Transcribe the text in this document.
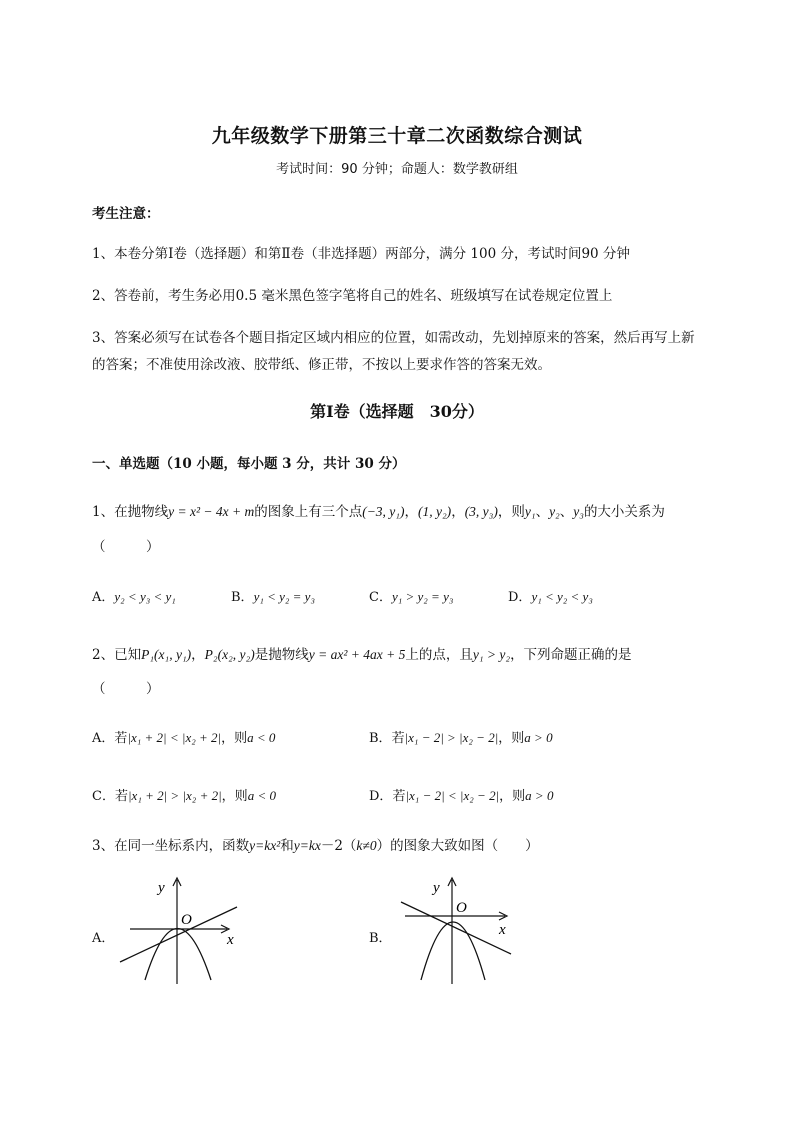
九年级数学下册第三十章二次函数综合测试
考试时间：90 分钟；命题人：数学教研组
考生注意：
1、本卷分第Ⅰ卷（选择题）和第Ⅱ卷（非选择题）两部分，满分 100 分，考试时间90 分钟
2、答卷前，考生务必用0.5 毫米黑色签字笔将自己的姓名、班级填写在试卷规定位置上
3、答案必须写在试卷各个题目指定区域内相应的位置，如需改动，先划掉原来的答案，然后再写上新
的答案；不准使用涂改液、胶带纸、修正带，不按以上要求作答的答案无效。
第Ⅰ卷（选择题　30分）
一、单选题（10 小题，每小题 3 分，共计 30 分）
1、在抛物线y = x² − 4x + m的图象上有三个点(−3, y₁)，(1, y₂)，(3, y₃)，则y₁、y₂、y₃的大小关系为
（　　　）
A．y₂ < y₃ < y₁	B．y₁ < y₂ = y₃	C．y₁ > y₂ = y₃	D．y₁ < y₂ < y₃
2、已知P₁(x₁, y₁)，P₂(x₂, y₂)是抛物线y = ax² + 4ax + 5上的点，且y₁ > y₂，下列命题正确的是
（　　　）
A．若|x₁ + 2| < |x₂ + 2|，则a < 0	B．若|x₁ − 2| > |x₂ − 2|，则a > 0
C．若|x₁ + 2| > |x₂ + 2|，则a < 0	D．若|x₁ − 2| < |x₂ − 2|，则a > 0
3、在同一坐标系内，函数y=kx²和y=kx－2（k≠0）的图象大致如图（　　）
A．
y
O
x	B．
y
O
x
